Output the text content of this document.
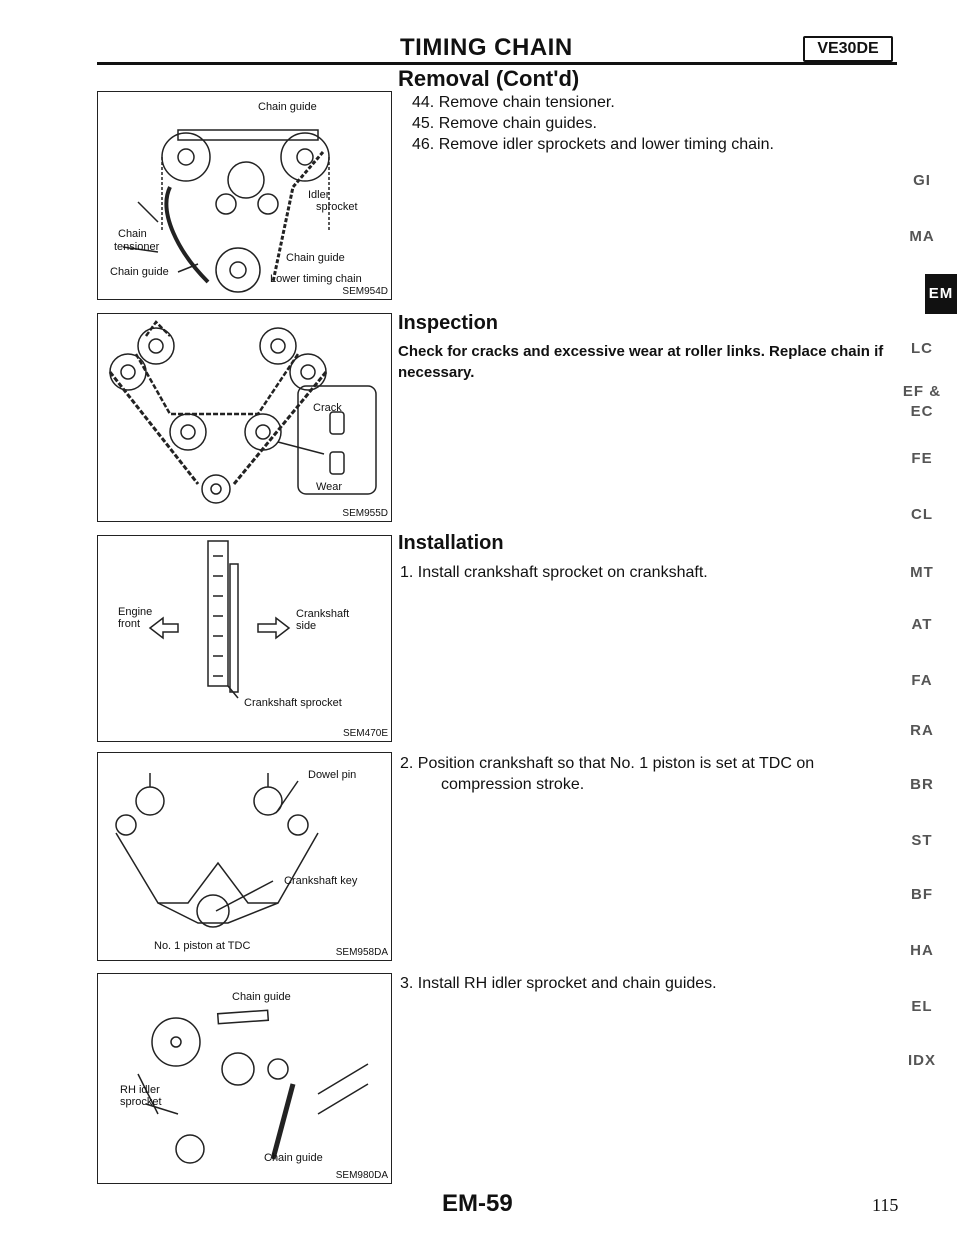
TIMING CHAIN	VE30DE
Removal (Cont'd)
44. Remove chain tensioner.
45. Remove chain guides.
46. Remove idler sprockets and lower timing chain.
Inspection
Check for cracks and excessive wear at roller links. Replace chain if necessary.
Installation
1. Install crankshaft sprocket on crankshaft.
2. Position crankshaft so that No. 1 piston is set at TDC on
compression stroke.
3. Install RH idler sprocket and chain guides.
Chain guide
Idler
sprocket
Chain
tensioner
Chain guide
Chain guide
Lower timing chain
SEM954D
Crack
Wear
SEM955D
Engine
front
Crankshaft
side
Crankshaft sprocket
SEM470E
Dowel pin
Crankshaft key
No. 1 piston at TDC
SEM958DA
Chain guide
RH idler
sprocket
Chain guide
SEM980DA
GI
MA
EM
LC
EF &
EC
FE
CL
MT
AT
FA
RA
BR
ST
BF
HA
EL
IDX
EM-59	115
